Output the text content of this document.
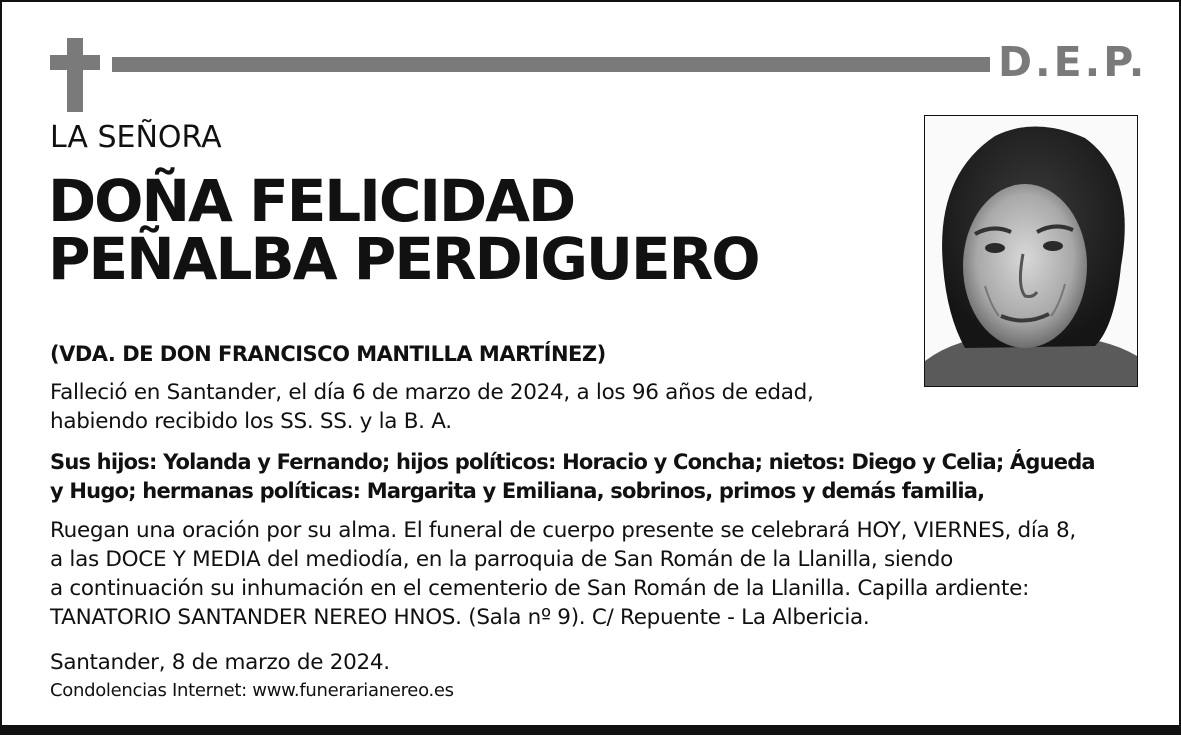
D.E.P.
LA SEÑORA
DOÑA FELICIDAD
PEÑALBA PERDIGUERO
(VDA. DE DON FRANCISCO MANTILLA MARTÍNEZ)
Falleció en Santander, el día 6 de marzo de 2024, a los 96 años de edad,
habiendo recibido los SS. SS. y la B. A.
Sus hijos: Yolanda y Fernando; hijos políticos: Horacio y Concha; nietos: Diego y Celia; Águeda
y Hugo; hermanas políticas: Margarita y Emiliana, sobrinos, primos y demás familia,
Ruegan una oración por su alma. El funeral de cuerpo presente se celebrará HOY, VIERNES, día 8,
a las DOCE Y MEDIA del mediodía, en la parroquia de San Román de la Llanilla, siendo
a continuación su inhumación en el cementerio de San Román de la Llanilla. Capilla ardiente:
TANATORIO SANTANDER NEREO HNOS. (Sala nº 9). C/ Repuente - La Albericia.
Santander, 8 de marzo de 2024.
Condolencias Internet: www.funerarianereo.es
